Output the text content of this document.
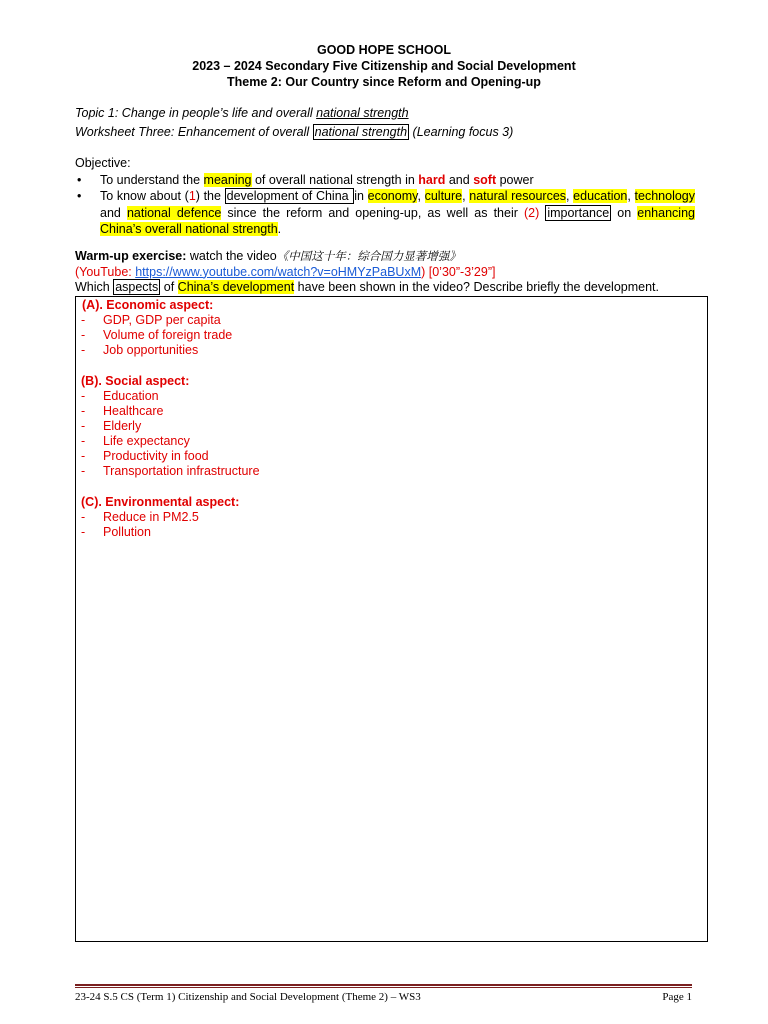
GOOD HOPE SCHOOL
2023 – 2024 Secondary Five Citizenship and Social Development
Theme 2: Our Country since Reform and Opening-up
Topic 1: Change in people’s life and overall national strength
Worksheet Three: Enhancement of overall national strength (Learning focus 3)
Objective:
• To understand the meaning of overall national strength in hard and soft power
• To know about (1) the development of China in economy, culture, natural resources, education, technology and national defence since the reform and opening-up, as well as their (2) importance on enhancing China’s overall national strength.
Warm-up exercise: watch the video《中国这十年：综合国力显著增强》
(YouTube: https://www.youtube.com/watch?v=oHMYzPaBUxM) [0’30”-3’29”]
Which aspects of China’s development have been shown in the video? Describe briefly the development.
(A). Economic aspect:
- GDP, GDP per capita
- Volume of foreign trade
- Job opportunities
(B). Social aspect:
- Education
- Healthcare
- Elderly
- Life expectancy
- Productivity in food
- Transportation infrastructure
(C). Environmental aspect:
- Reduce in PM2.5
- Pollution
23-24 S.5 CS (Term 1) Citizenship and Social Development (Theme 2) – WS3	Page 1
